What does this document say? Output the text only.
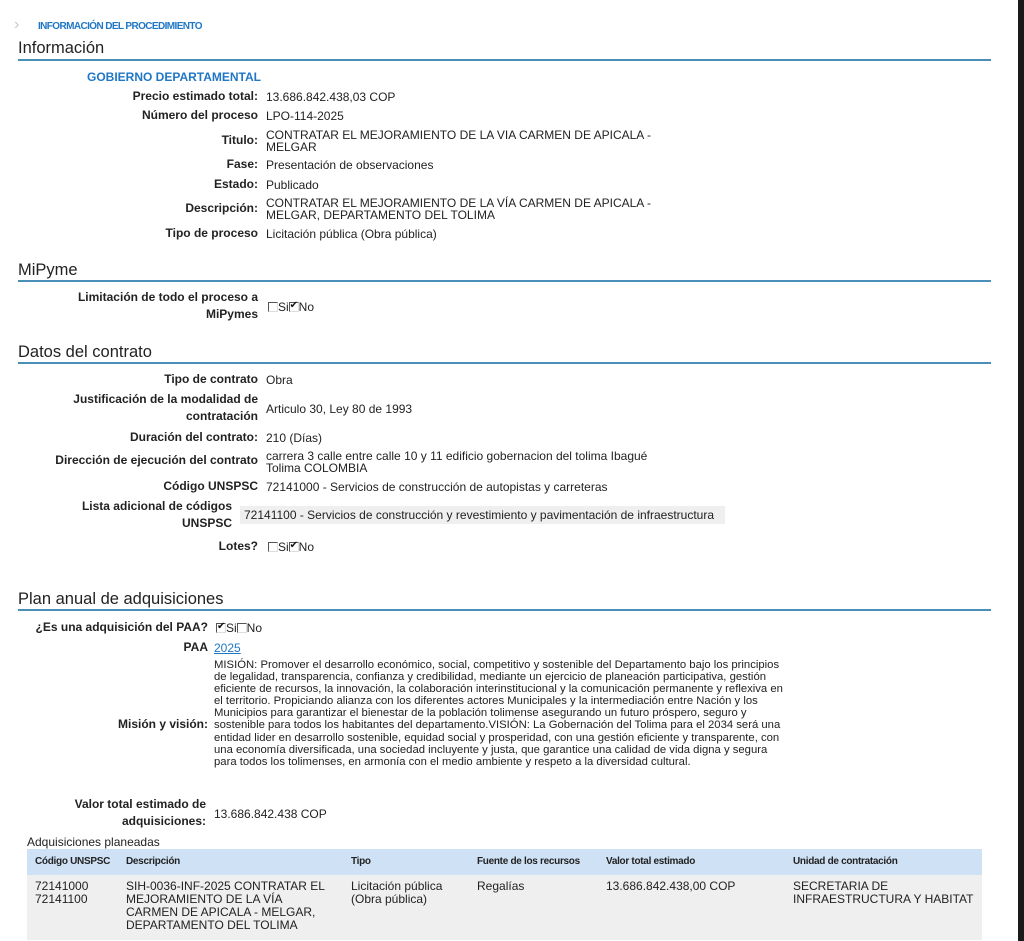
› INFORMACIÓN DEL PROCEDIMIENTO
Información
GOBIERNO DEPARTAMENTAL
Precio estimado total: 13.686.842.438,03 COP
Número del proceso LPO-114-2025
Titulo: CONTRATAR EL MEJORAMIENTO DE LA VIA CARMEN DE APICALA -
MELGAR
Fase: Presentación de observaciones
Estado: Publicado
Descripción: CONTRATAR EL MEJORAMIENTO DE LA VÍA CARMEN DE APICALA -
MELGAR, DEPARTAMENTO DEL TOLIMA
Tipo de proceso Licitación pública (Obra pública)
MiPyme
Limitación de todo el proceso a
MiPymes	Si ✔ No
Datos del contrato
Tipo de contrato Obra
Justificación de la modalidad de
contratación Articulo 30, Ley 80 de 1993
Duración del contrato: 210 (Días)
Dirección de ejecución del contrato carrera 3 calle entre calle 10 y 11 edificio gobernacion del tolima Ibagué
Tolima COLOMBIA
Código UNSPSC 72141000 - Servicios de construcción de autopistas y carreteras
Lista adicional de códigos
UNSPSC
72141100 - Servicios de construcción y revestimiento y pavimentación de infraestructura
Lotes?	Si ✔ No
Plan anual de adquisiciones
¿Es una adquisición del PAA? ✔	Si No
PAA 2025
Misión y visión:
MISIÓN: Promover el desarrollo económico, social, competitivo y sostenible del Departamento bajo los principios de legalidad, transparencia, confianza y credibilidad, mediante un ejercicio de planeación participativa, gestión eficiente de recursos, la innovación, la colaboración interinstitucional y la comunicación permanente y reflexiva en el territorio. Propiciando alianza con los diferentes actores Municipales y la intermediación entre Nación y los Municipios para garantizar el bienestar de la población tolimense asegurando un futuro próspero, seguro y sostenible para todos los habitantes del departamento.VISIÓN: La Gobernación del Tolima para el 2034 será una entidad lider en desarrollo sostenible, equidad social y prosperidad, con una gestión eficiente y transparente, con una economía diversificada, una sociedad incluyente y justa, que garantice una calidad de vida digna y segura para todos los tolimenses, en armonía con el medio ambiente y respeto a la diversidad cultural.
Valor total estimado de
adquisiciones: 13.686.842.438 COP
Adquisiciones planeadas
Código UNSPSC	Descripción	Tipo	Fuente de los recursos	Valor total estimado	Unidad de contratación

72141000
72141100	SIH-0036-INF-2025 CONTRATAR EL MEJORAMIENTO DE LA VÍA CARMEN DE APICALA - MELGAR, DEPARTAMENTO DEL TOLIMA	Licitación pública (Obra pública)	Regalías	13.686.842.438,00 COP	SECRETARIA DE INFRAESTRUCTURA Y HABITAT
